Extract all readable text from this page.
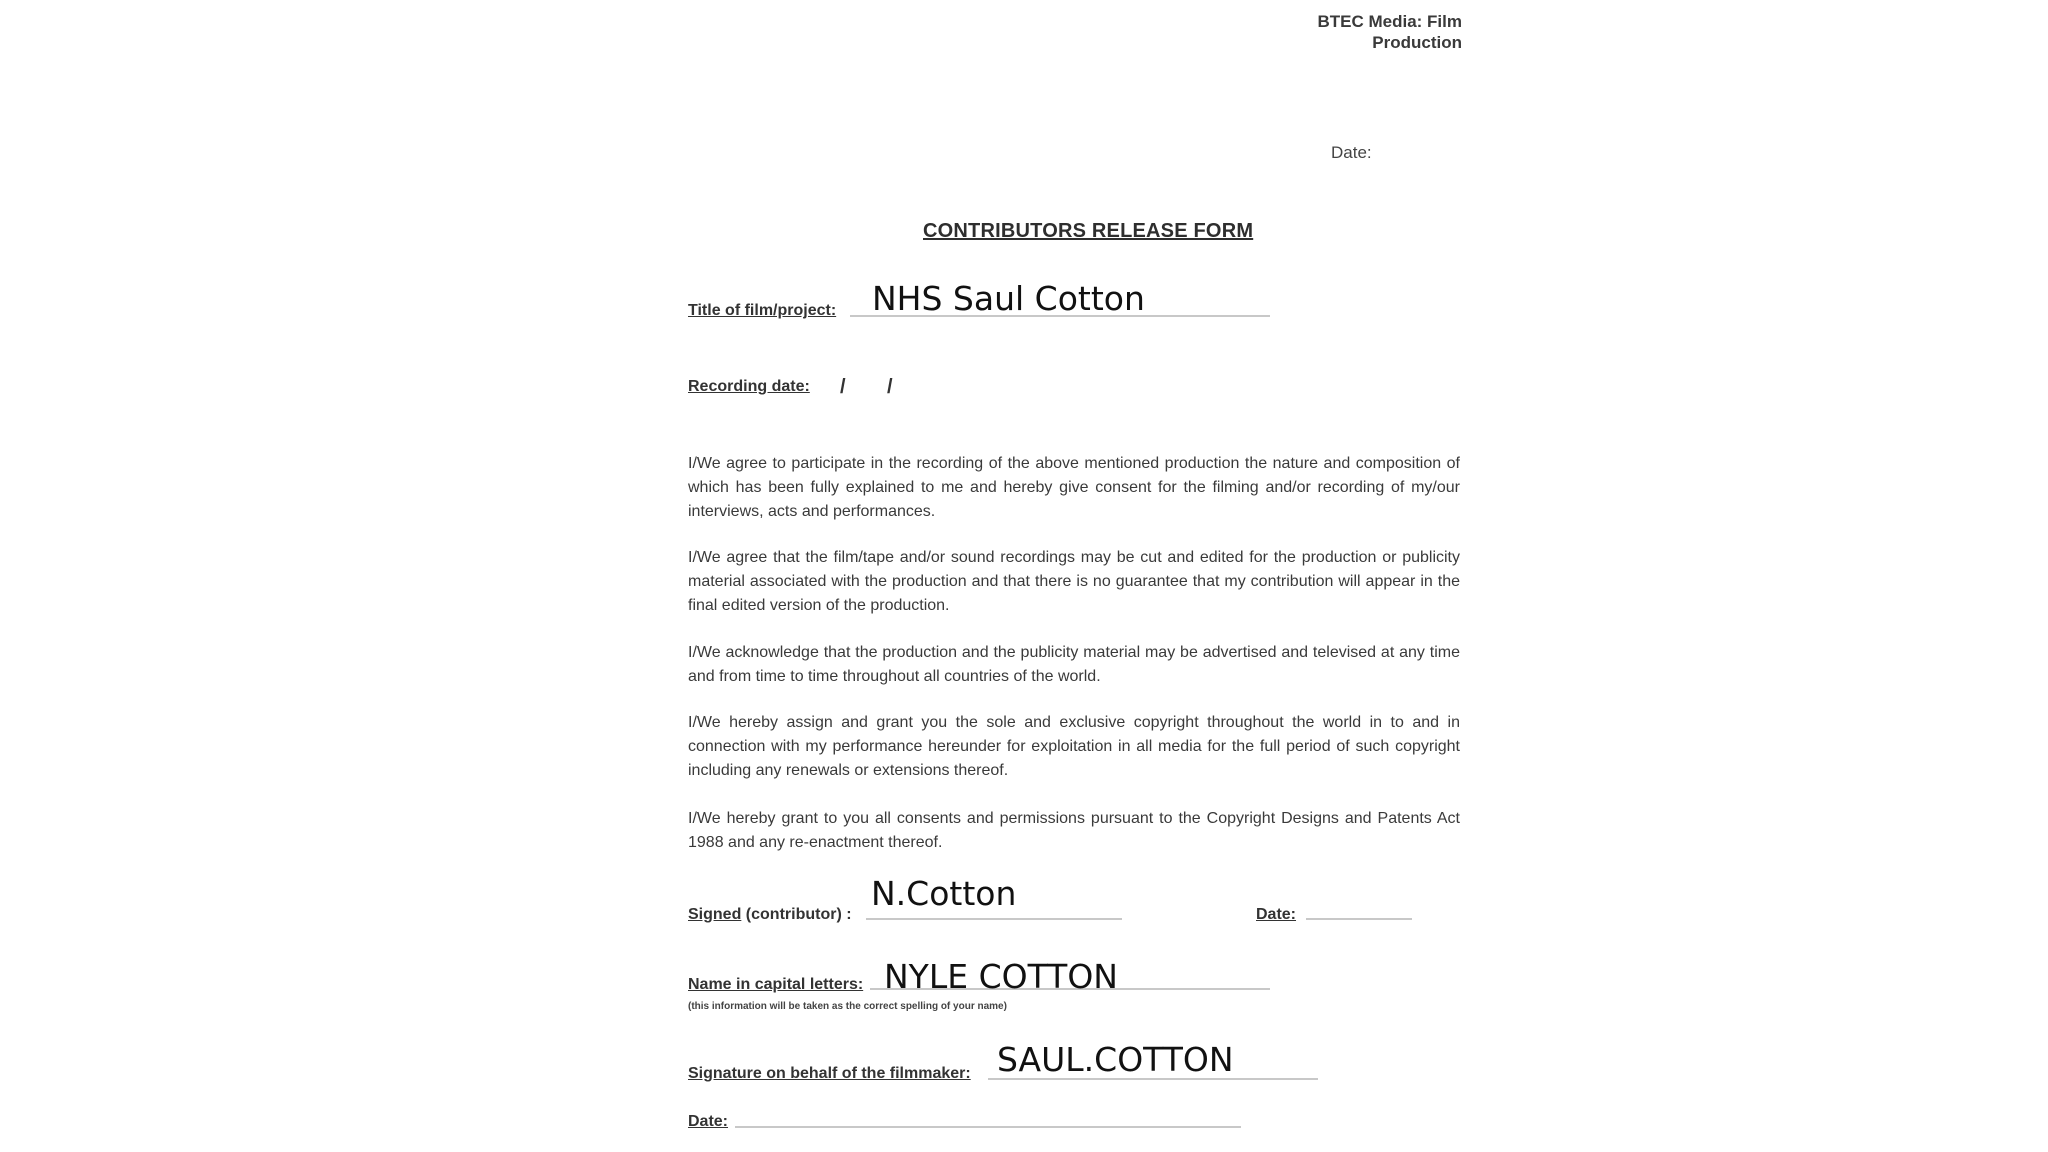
BTEC Media: Film
Production
Date:
CONTRIBUTORS RELEASE FORM
Title of film/project: NHS Saul Cotton
Recording date: / /
I/We agree to participate in the recording of the above mentioned production the nature and composition of which has been fully explained to me and hereby give consent for the filming and/or recording of my/our interviews, acts and performances.
I/We agree that the film/tape and/or sound recordings may be cut and edited for the production or publicity material associated with the production and that there is no guarantee that my contribution will appear in the final edited version of the production.
I/We acknowledge that the production and the publicity material may be advertised and televised at any time and from time to time throughout all countries of the world.
I/We hereby assign and grant you the sole and exclusive copyright throughout the world in to and in connection with my performance hereunder for exploitation in all media for the full period of such copyright including any renewals or extensions thereof.
I/We hereby grant to you all consents and permissions pursuant to the Copyright Designs and Patents Act 1988 and any re-enactment thereof.
Signed (contributor) :
N.Cotton
Date:
Name in capital letters:
(this information will be taken as the correct spelling of your name)
NYLE COTTON
Signature on behalf of the filmmaker: SAUL.COTTON
Date:
